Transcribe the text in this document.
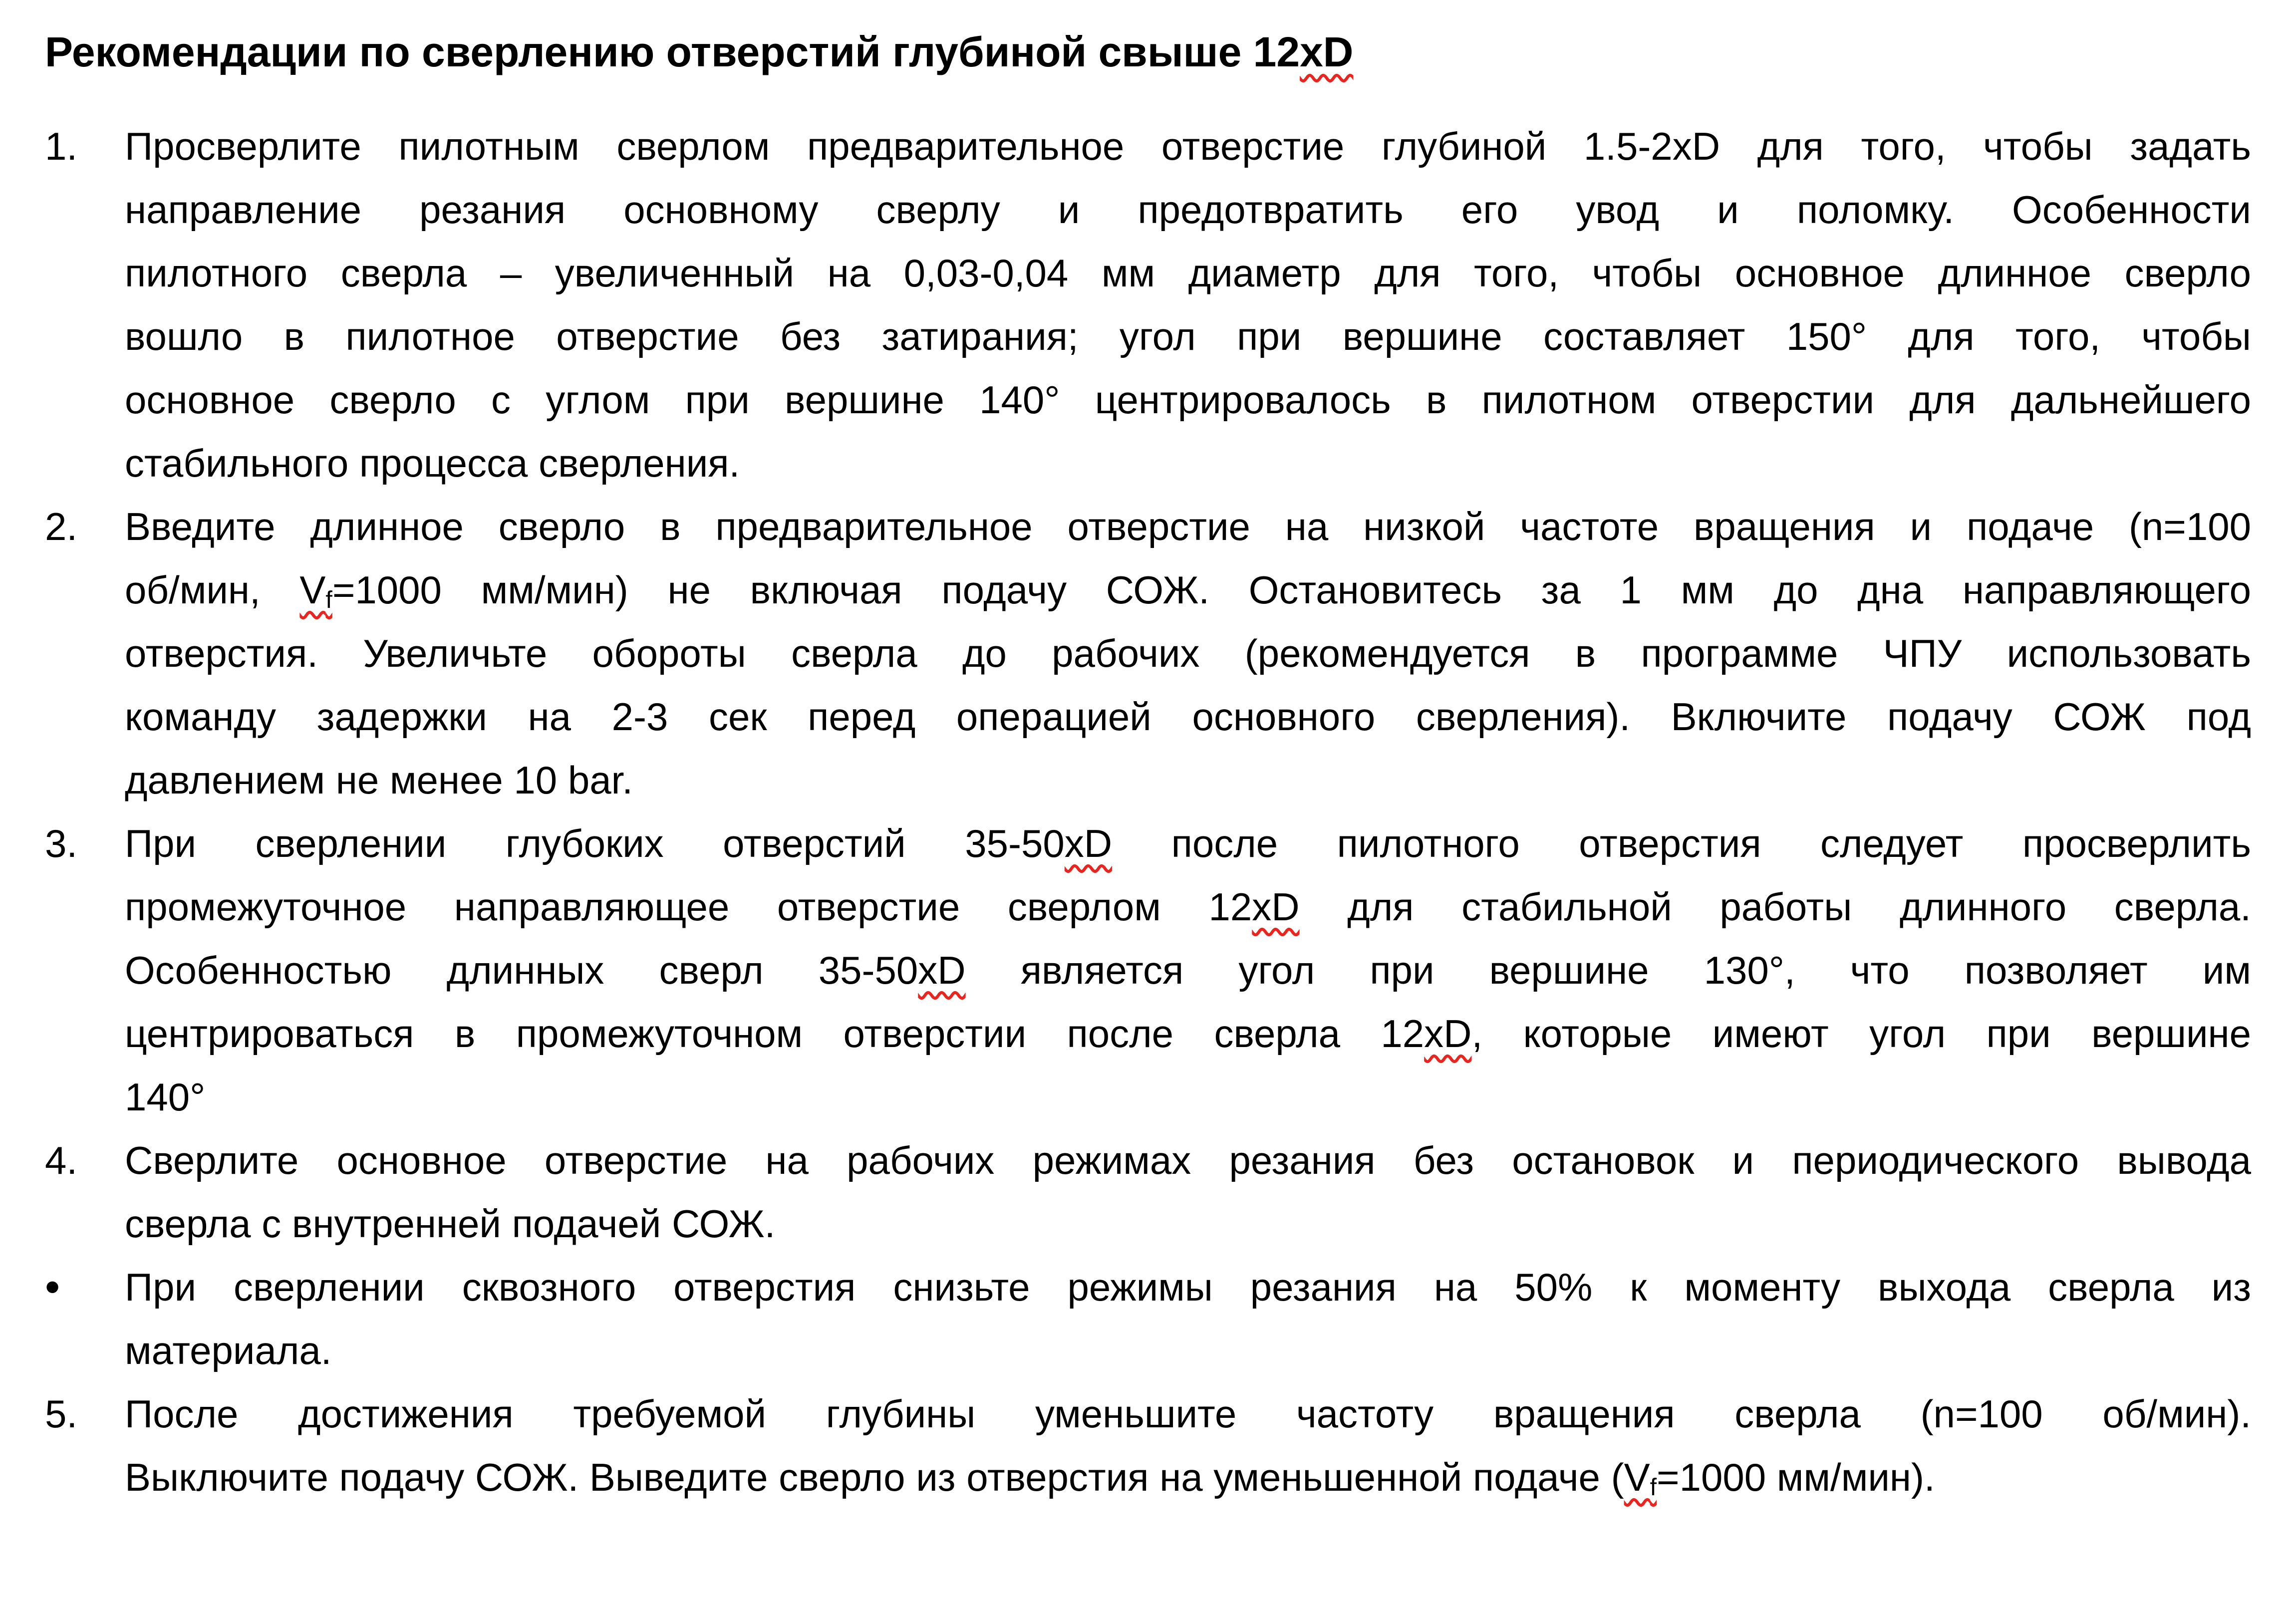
Рекомендации по сверлению отверстий глубиной свыше 12xD
1.	Просверлите пилотным сверлом предварительное отверстие глубиной 1.5-2xD для того, чтобы задать
направление резания основному сверлу и предотвратить его увод и поломку. Особенности
пилотного сверла – увеличенный на 0,03-0,04 мм диаметр для того, чтобы основное длинное сверло
вошло в пилотное отверстие без затирания; угол при вершине составляет 150° для того, чтобы
основное сверло с углом при вершине 140° центрировалось в пилотном отверстии для дальнейшего
стабильного процесса сверления.
2.	Введите длинное сверло в предварительное отверстие на низкой частоте вращения и подаче (n=100
об/мин, Vf=1000 мм/мин) не включая подачу СОЖ. Остановитесь за 1 мм до дна направляющего
отверстия. Увеличьте обороты сверла до рабочих (рекомендуется в программе ЧПУ использовать
команду задержки на 2-3 сек перед операцией основного сверления). Включите подачу СОЖ под
давлением не менее 10 bar.
3.	При сверлении глубоких отверстий 35-50xD после пилотного отверстия следует просверлить
промежуточное направляющее отверстие сверлом 12xD для стабильной работы длинного сверла.
Особенностью длинных сверл 35-50xD является угол при вершине 130°, что позволяет им
центрироваться в промежуточном отверстии после сверла 12xD, которые имеют угол при вершине
140°
4.	Сверлите основное отверстие на рабочих режимах резания без остановок и периодического вывода
сверла с внутренней подачей СОЖ.
•	При сверлении сквозного отверстия снизьте режимы резания на 50% к моменту выхода сверла из
материала.
5.	После достижения требуемой глубины уменьшите частоту вращения сверла (n=100 об/мин).
Выключите подачу СОЖ. Выведите сверло из отверстия на уменьшенной подаче (Vf=1000 мм/мин).
